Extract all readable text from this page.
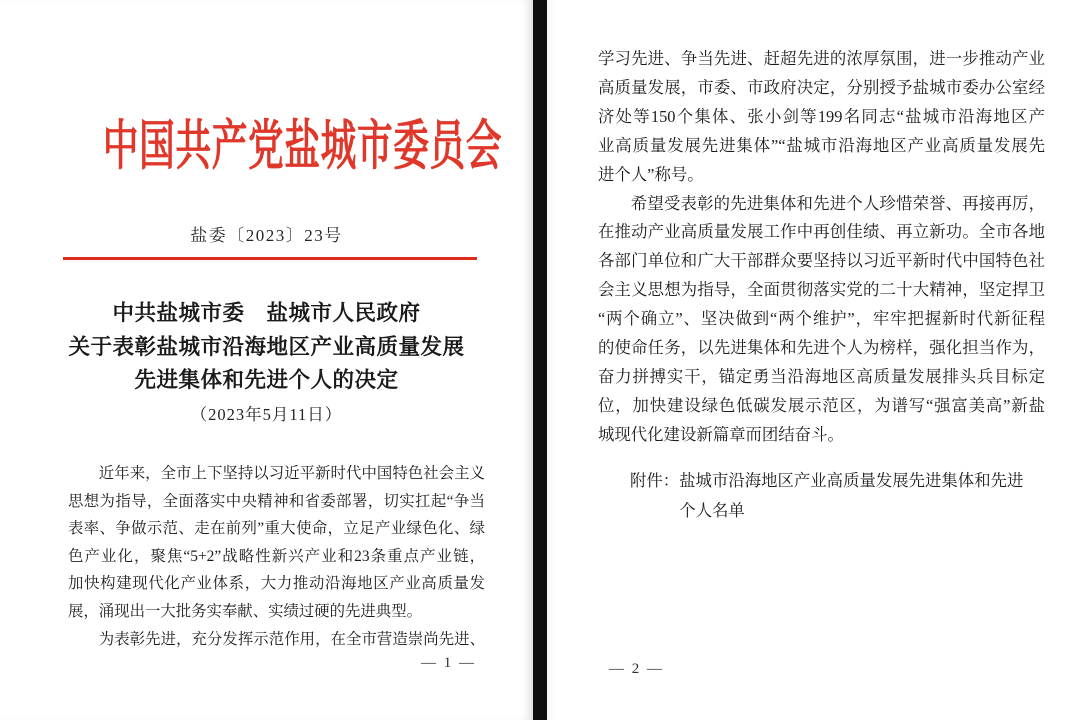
中国共产党盐城市委员会
盐委〔2023〕23号
中共盐城市委　盐城市人民政府
关于表彰盐城市沿海地区产业高质量发展
先进集体和先进个人的决定
（2023年5月11日）
近年来，全市上下坚持以习近平新时代中国特色社会主义
思想为指导，全面落实中央精神和省委部署，切实扛起“争当
表率、争做示范、走在前列”重大使命，立足产业绿色化、绿
色产业化，聚焦“5+2”战略性新兴产业和23条重点产业链，
加快构建现代化产业体系，大力推动沿海地区产业高质量发
展，涌现出一大批务实奉献、实绩过硬的先进典型。
为表彰先进，充分发挥示范作用，在全市营造崇尚先进、
— 1 —
学习先进、争当先进、赶超先进的浓厚氛围，进一步推动产业
高质量发展，市委、市政府决定，分别授予盐城市委办公室经
济处等150个集体、张小剑等199名同志“盐城市沿海地区产
业高质量发展先进集体”“盐城市沿海地区产业高质量发展先
进个人”称号。
希望受表彰的先进集体和先进个人珍惜荣誉、再接再厉，
在推动产业高质量发展工作中再创佳绩、再立新功。全市各地
各部门单位和广大干部群众要坚持以习近平新时代中国特色社
会主义思想为指导，全面贯彻落实党的二十大精神，坚定捍卫
“两个确立”、坚决做到“两个维护”，牢牢把握新时代新征程
的使命任务，以先进集体和先进个人为榜样，强化担当作为，
奋力拼搏实干，锚定勇当沿海地区高质量发展排头兵目标定
位，加快建设绿色低碳发展示范区，为谱写“强富美高”新盐
城现代化建设新篇章而团结奋斗。
附件：盐城市沿海地区产业高质量发展先进集体和先进
个人名单
— 2 —
